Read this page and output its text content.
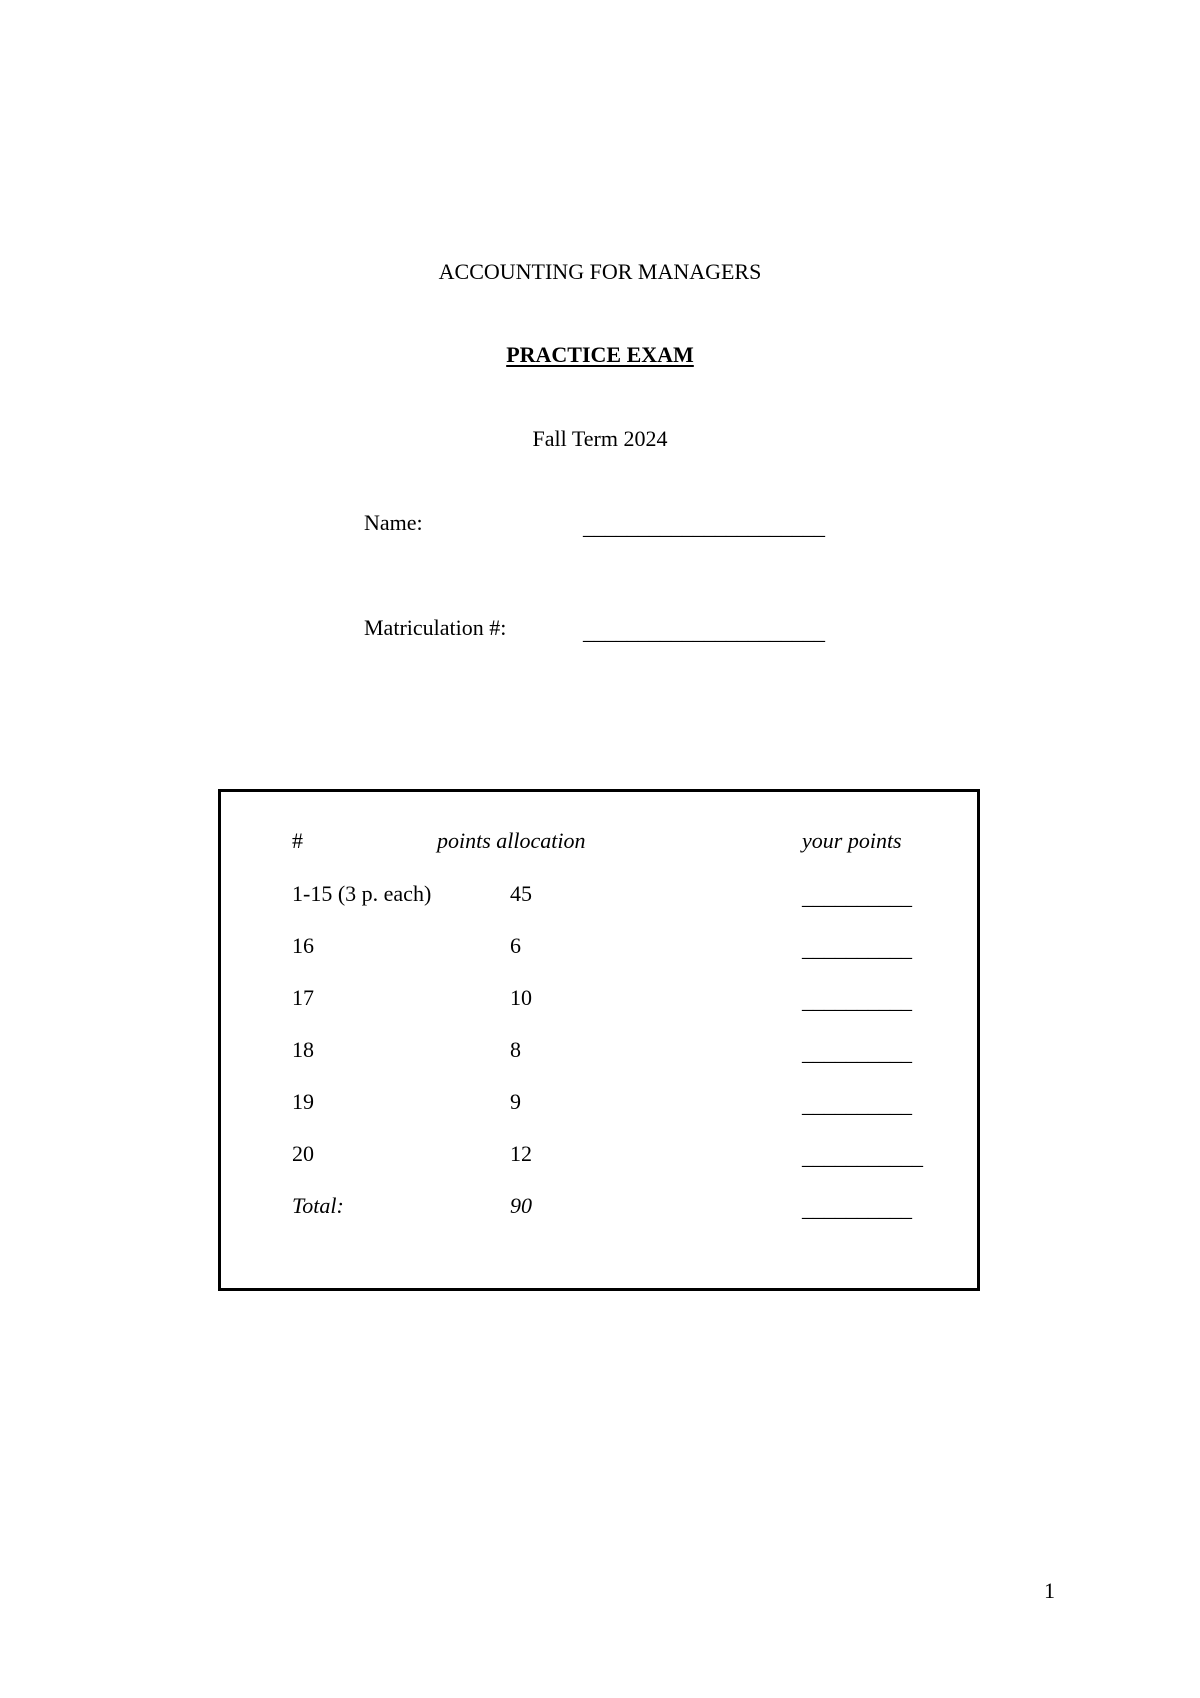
ACCOUNTING FOR MANAGERS
PRACTICE EXAM
Fall Term 2024
Name:	______________________
Matriculation #:	______________________
#	points allocation	your points
1-15 (3 p. each)	45	__________
16	6	__________
17	10	__________
18	8	__________
19	9	__________
20	12	___________
Total:	90	__________
1
